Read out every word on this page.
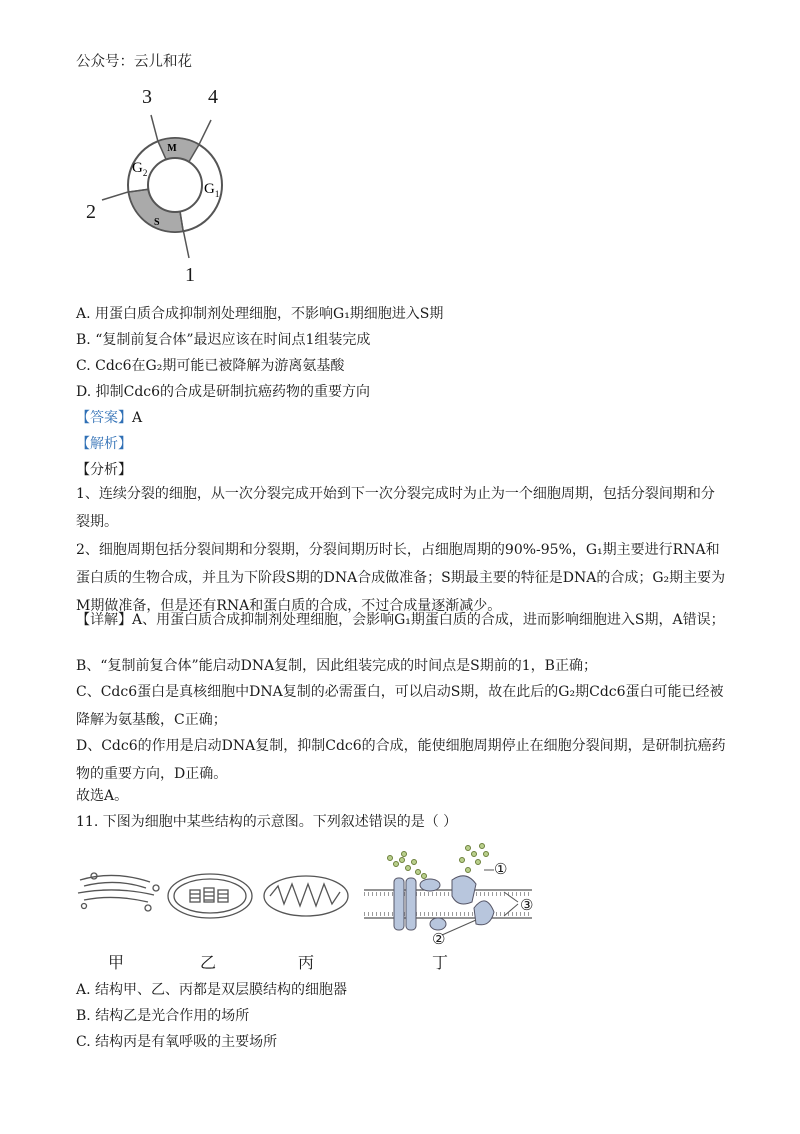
公众号：云儿和花
M
$G_2$
$G_1$
S
1
2
3	4
A. 用蛋白质合成抑制剂处理细胞，不影响G₁期细胞进入S期
B. “复制前复合体”最迟应该在时间点1组装完成
C. Cdc6在G₂期可能已被降解为游离氨基酸
D. 抑制Cdc6的合成是研制抗癌药物的重要方向
【答案】A
【解析】
【分析】
1、连续分裂的细胞，从一次分裂完成开始到下一次分裂完成时为止为一个细胞周期，包括分裂间期和分裂期。
2、细胞周期包括分裂间期和分裂期，分裂间期历时长，占细胞周期的90%-95%，G₁期主要进行RNA和蛋白质的生物合成，并且为下阶段S期的DNA合成做准备；S期最主要的特征是DNA的合成；G₂期主要为M期做准备，但是还有RNA和蛋白质的合成，不过合成量逐渐减少。
【详解】A、用蛋白质合成抑制剂处理细胞，会影响G₁期蛋白质的合成，进而影响细胞进入S期，A错误；
B、“复制前复合体”能启动DNA复制，因此组装完成的时间点是S期前的1，B正确；
C、Cdc6蛋白是真核细胞中DNA复制的必需蛋白，可以启动S期，故在此后的G₂期Cdc6蛋白可能已经被降解为氨基酸，C正确；
D、Cdc6的作用是启动DNA复制，抑制Cdc6的合成，能使细胞周期停止在细胞分裂间期，是研制抗癌药物的重要方向，D正确。
故选A。
11. 下图为细胞中某些结构的示意图。下列叙述错误的是（ ）
①
②
③
甲	乙	丙	丁
A. 结构甲、乙、丙都是双层膜结构的细胞器
B. 结构乙是光合作用的场所
C. 结构丙是有氧呼吸的主要场所
